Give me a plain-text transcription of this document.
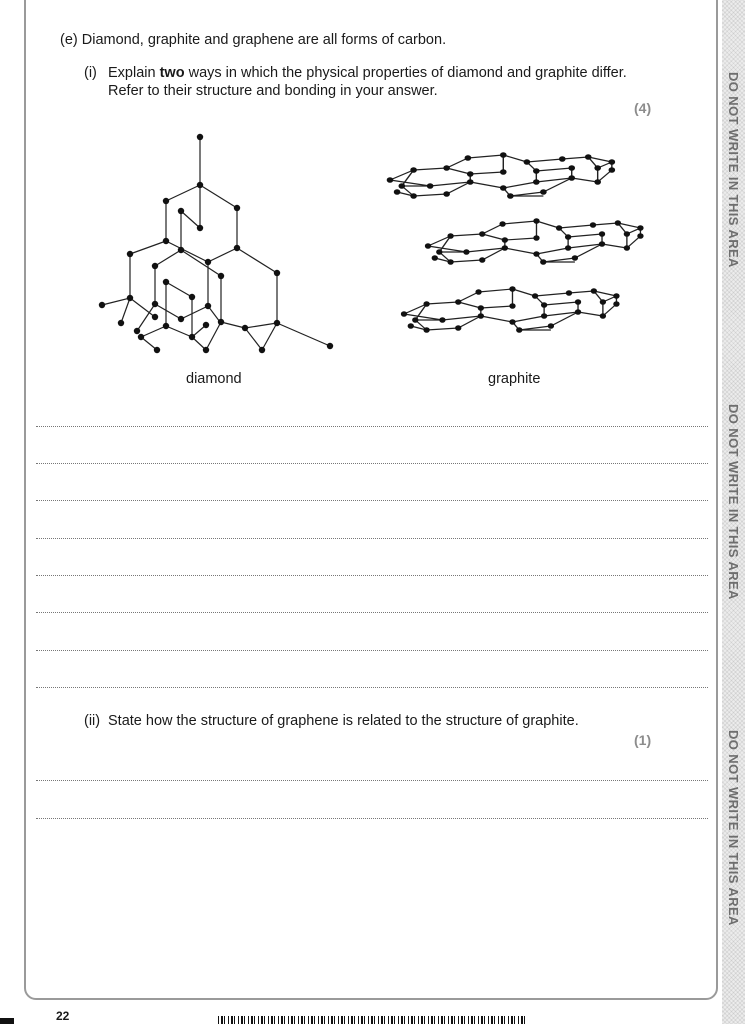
DO NOT WRITE IN THIS AREA
DO NOT WRITE IN THIS AREA
DO NOT WRITE IN THIS AREA
(e) Diamond, graphite and graphene are all forms of carbon.
(i) Explain two ways in which the physical properties of diamond and graphite differ.
Refer to their structure and bonding in your answer.
(4)
diamond	graphite
(ii) State how the structure of graphene is related to the structure of graphite.
(1)
22
